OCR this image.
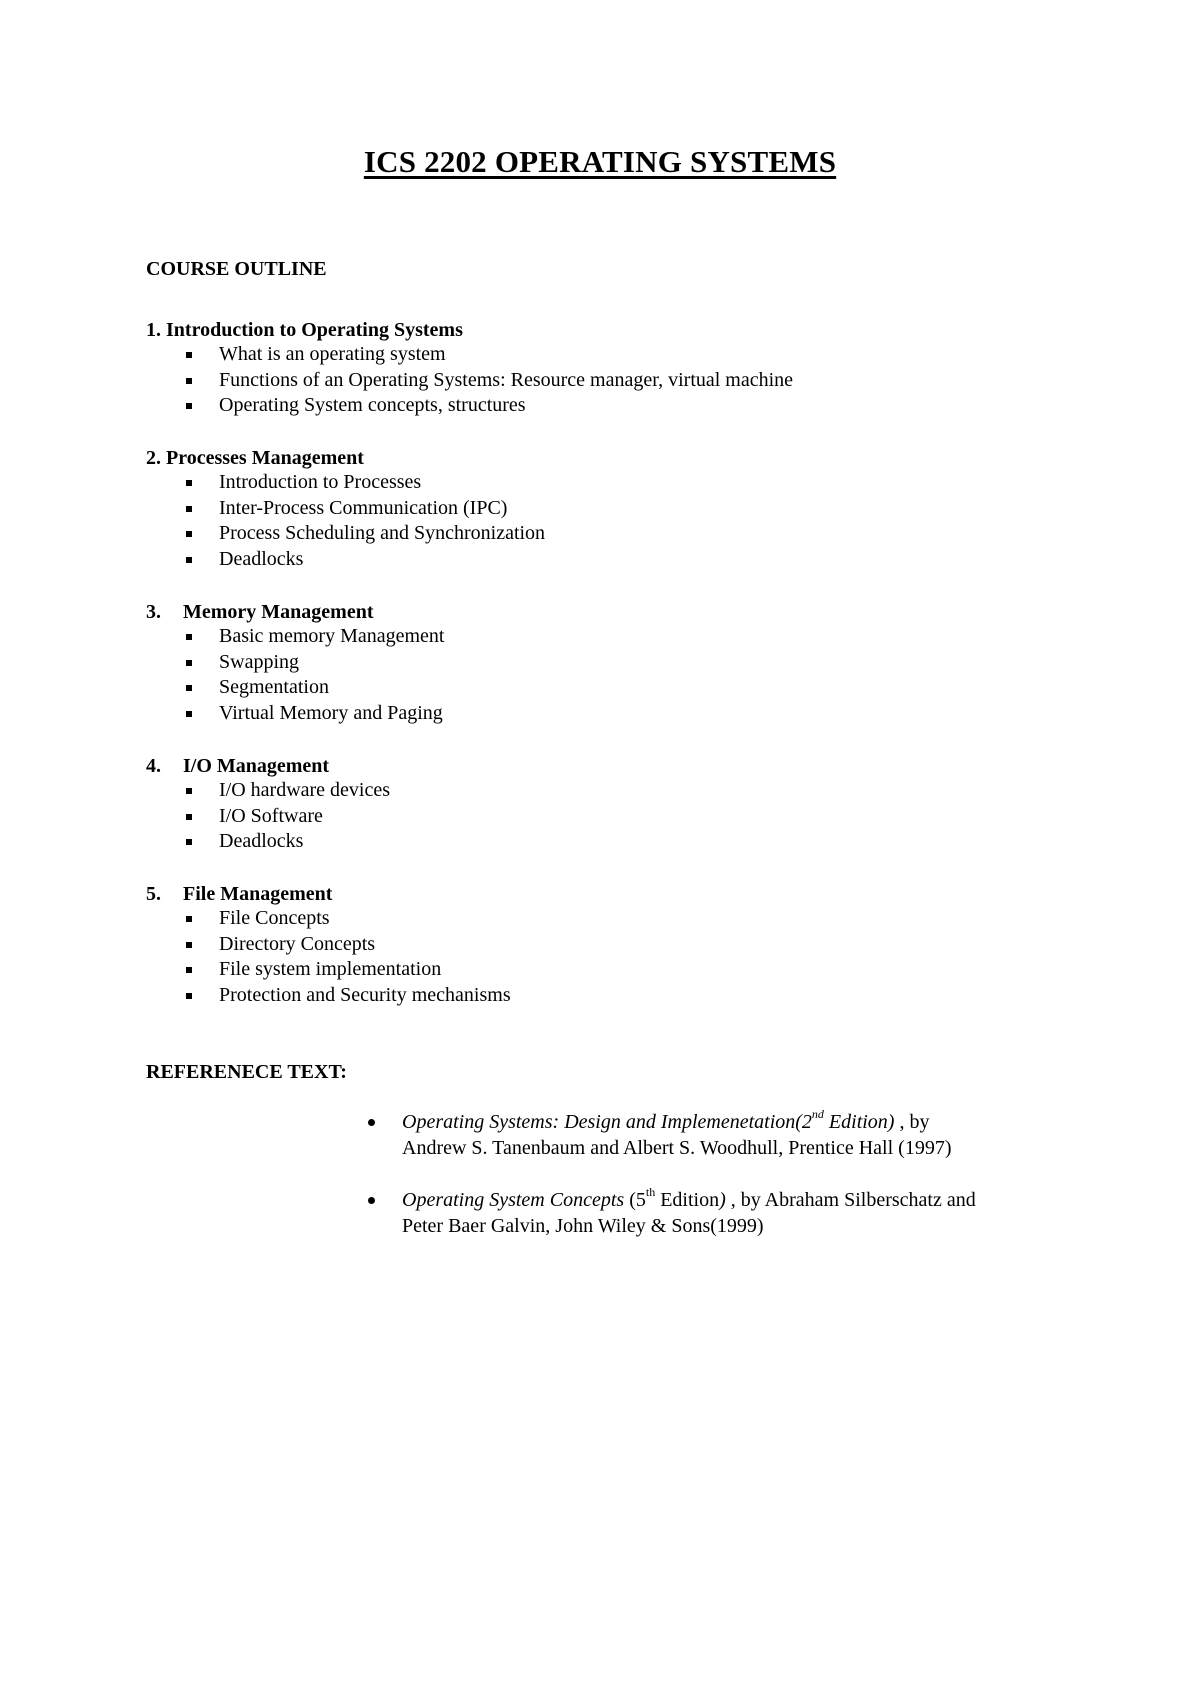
ICS 2202 OPERATING SYSTEMS
COURSE OUTLINE
1. Introduction to Operating Systems
What is an operating system
Functions of an Operating Systems: Resource manager, virtual machine
Operating System concepts, structures
2. Processes Management
Introduction to Processes
Inter-Process Communication (IPC)
Process Scheduling and Synchronization
Deadlocks
3. Memory Management
Basic memory Management
Swapping
Segmentation
Virtual Memory and Paging
4. I/O Management
I/O hardware devices
I/O Software
Deadlocks
5. File Management
File Concepts
Directory Concepts
File system implementation
Protection and Security mechanisms
REFERENECE TEXT:
Operating Systems: Design and Implemenetation(2nd Edition) , by
Andrew S. Tanenbaum and Albert S. Woodhull, Prentice Hall (1997)
Operating System Concepts (5th Edition) , by Abraham Silberschatz and
Peter Baer Galvin, John Wiley & Sons(1999)
